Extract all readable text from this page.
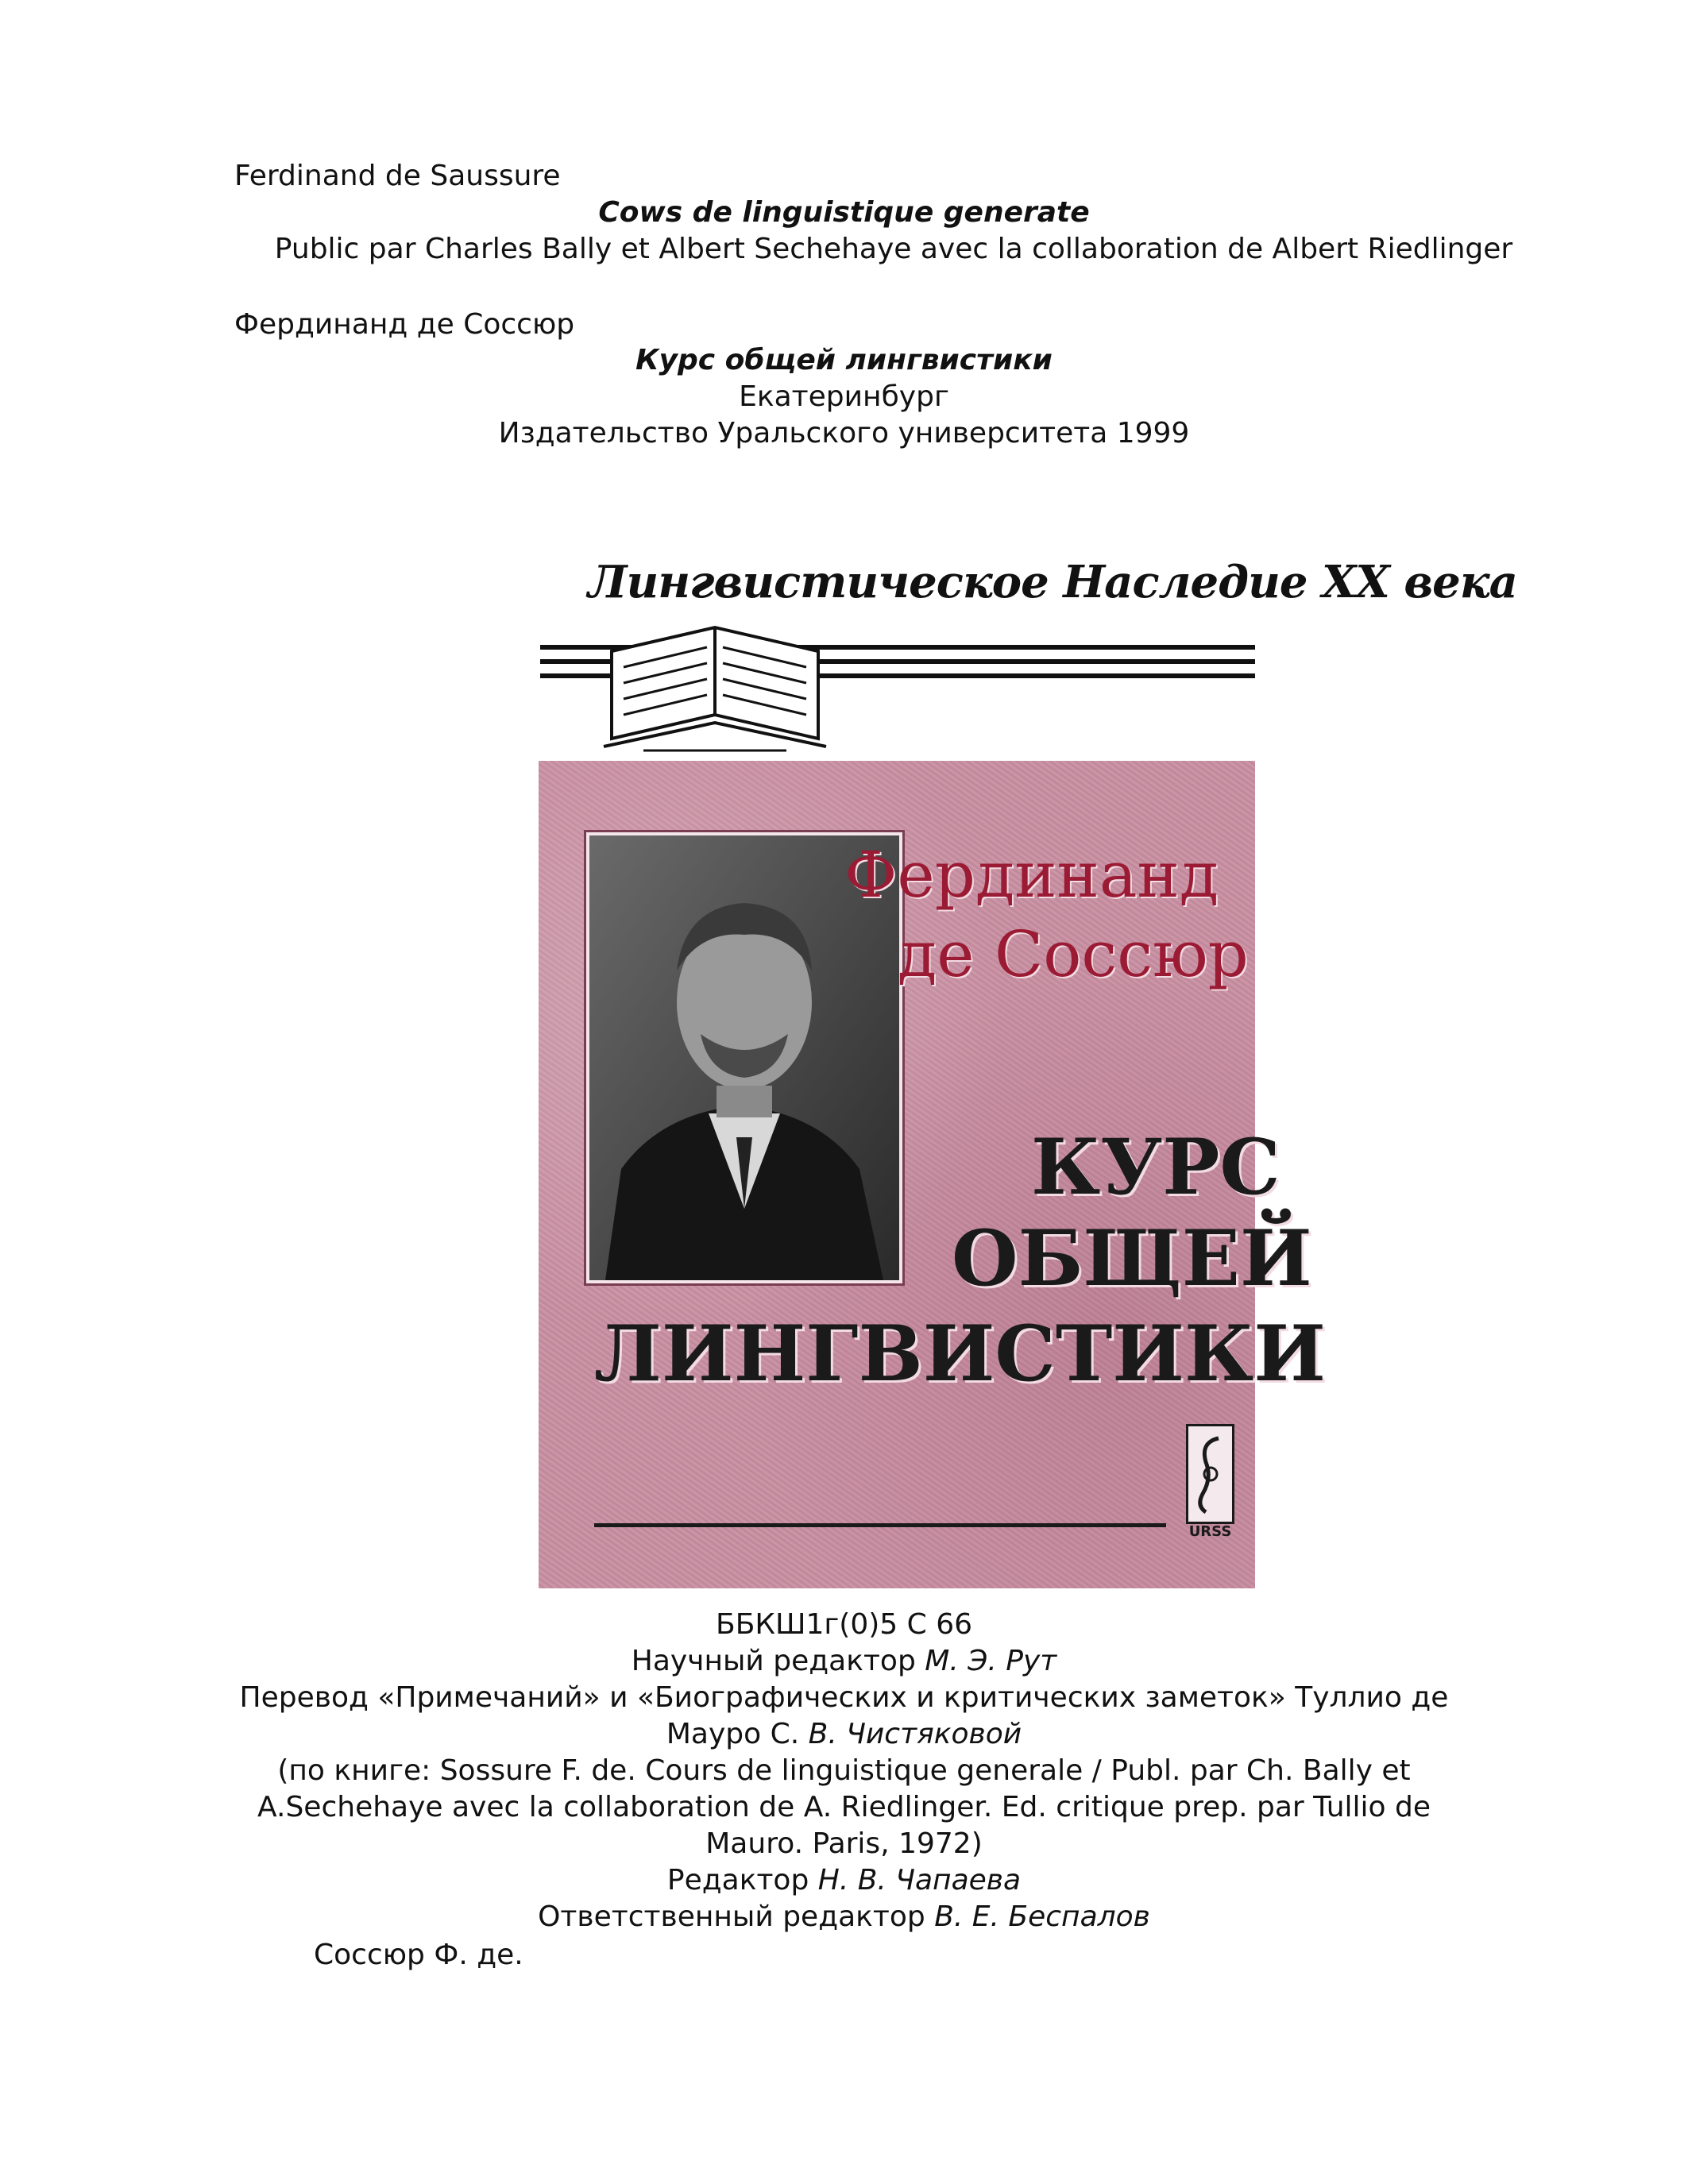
Ferdinand de Saussure
Cows de linguistique generate
Public par Charles Bally et Albert Sechehaye avec la collaboration de Albert Riedlinger
Фердинанд де Соссюр
Курс общей лингвистики
Екатеринбург
Издательство Уральского университета 1999
Лингвистическое Наследие XX века
Фердинанд
де Соссюр
КУРС
ОБЩЕЙ
ЛИНГВИСТИКИ
URSS
ББКШ1г(0)5 С 66
Научный редактор М. Э. Рут
Перевод «Примечаний» и «Биографических и критических заметок» Туллио де
Мауро С. В. Чистяковой
(по книге: Sossure F. de. Cours de linguistique generale / Publ. par Ch. Bally et
A.Sechehaye avec la collaboration de A. Riedlinger. Ed. critique prep. par Tullio de
Mauro. Paris, 1972)
Редактор Н. В. Чапаева
Ответственный редактор В. Е. Беспалов
Соссюр Ф. де.
